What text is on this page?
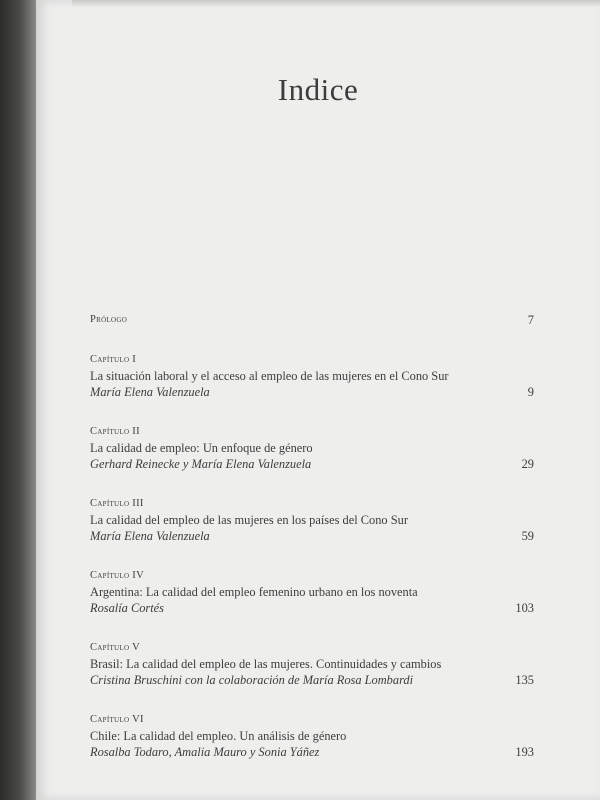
Indice
Prólogo	7
Capítulo I
La situación laboral y el acceso al empleo de las mujeres en el Cono Sur
María Elena Valenzuela	9
Capítulo II
La calidad de empleo: Un enfoque de género
Gerhard Reinecke y María Elena Valenzuela	29
Capítulo III
La calidad del empleo de las mujeres en los países del Cono Sur
María Elena Valenzuela	59
Capítulo IV
Argentina: La calidad del empleo femenino urbano en los noventa
Rosalía Cortés	103
Capítulo V
Brasil: La calidad del empleo de las mujeres. Continuidades y cambios
Cristina Bruschini con la colaboración de María Rosa Lombardi	135
Capítulo VI
Chile: La calidad del empleo. Un análisis de género
Rosalba Todaro, Amalia Mauro y Sonia Yáñez	193
